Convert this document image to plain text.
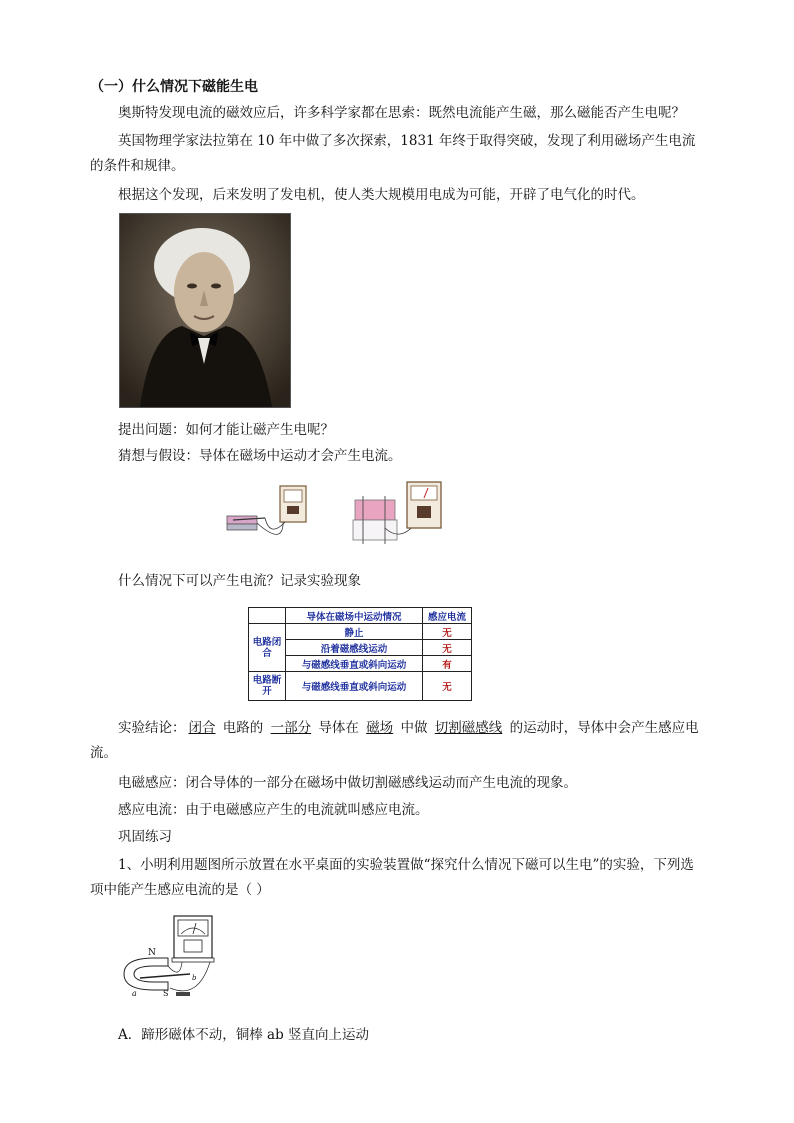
（一）什么情况下磁能生电

奥斯特发现电流的磁效应后，许多科学家都在思索：既然电流能产生磁，那么磁能否产生电呢？

英国物理学家法拉第在 10 年中做了多次探索，1831 年终于取得突破，发现了利用磁场产生电流的条件和规律。

根据这个发现，后来发明了发电机，使人类大规模用电成为可能，开辟了电气化的时代。

提出问题：如何才能让磁产生电呢？

猜想与假设：导体在磁场中运动才会产生电流。

什么情况下可以产生电流？记录实验现象

	导体在磁场中运动情况	感应电流
电路闭合	静止	无
	沿着磁感线运动	无
	与磁感线垂直或斜向运动	有
电路断开	与磁感线垂直或斜向运动	无

实验结论： 闭合 电路的 一部分 导体在 磁场 中做 切割磁感线 的运动时，导体中会产生感应电流。

电磁感应：闭合导体的一部分在磁场中做切割磁感线运动而产生电流的现象。

感应电流：由于电磁感应产生的电流就叫感应电流。

巩固练习

1、小明利用题图所示放置在水平桌面的实验装置做“探究什么情况下磁可以生电”的实验，下列选项中能产生感应电流的是（ ）

N
S
a
b

A．蹄形磁体不动，铜棒 ab 竖直向上运动
